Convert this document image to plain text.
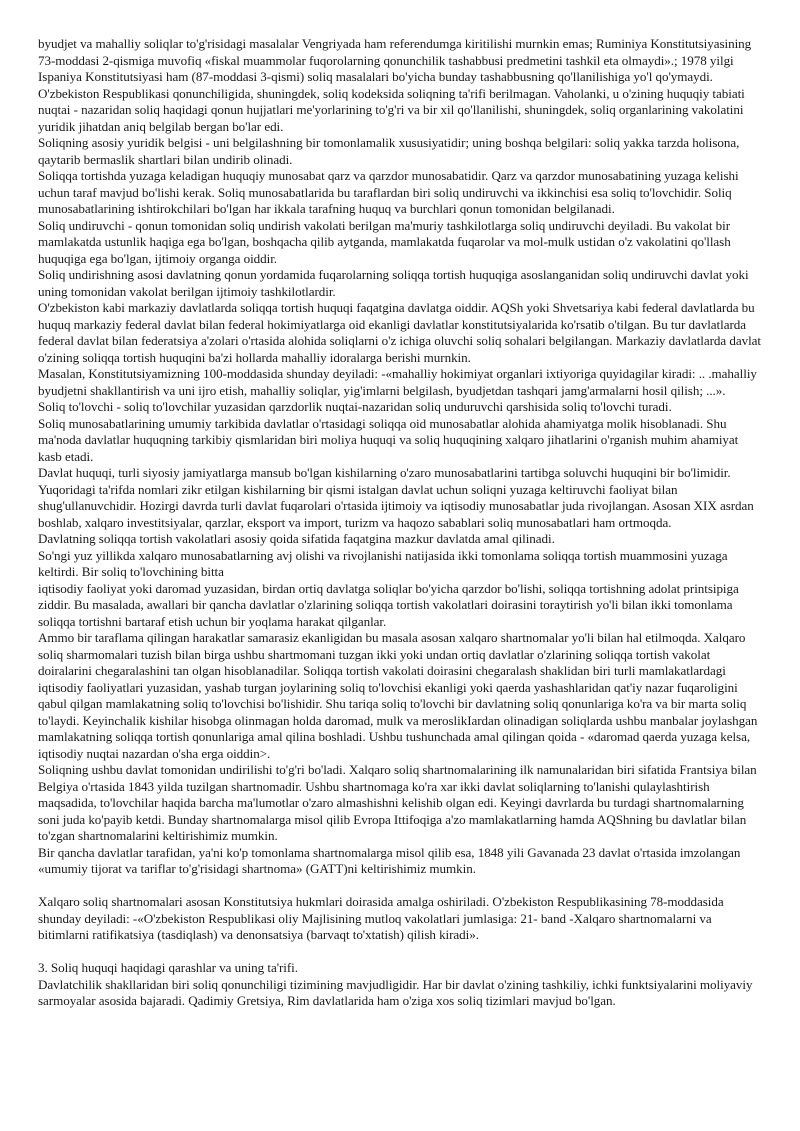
byudjet va mahalliy soliqlar to'g'risidagi masalalar Vengriyada ham referendumga kiritilishi murnkin emas; Ruminiya Konstitutsiyasining 73-moddasi 2-qismiga muvofiq «fiskal muammolar fuqorolarning qonunchilik tashabbusi predmetini tashkil eta olmaydi».; 1978 yilgi Ispaniya Konstitutsiyasi ham (87-moddasi 3-qismi) soliq masalalari bo'yicha bunday tashabbusning qo'llanilishiga yo'l qo'ymaydi.

O'zbekiston Respublikasi qonunchiligida, shuningdek, soliq kodeksida soliqning ta'rifi berilmagan. Vaholanki, u o'zining huquqiy tabiati nuqtai - nazaridan soliq haqidagi qonun hujjatlari me'yorlarining to'g'ri va bir xil qo'llanilishi, shuningdek, soliq organlarining vakolatini yuridik jihatdan aniq belgilab bergan bo'lar edi.

Soliqning asosiy yuridik belgisi - uni belgilashning bir tomonlamalik xususiyatidir; uning boshqa belgilari: soliq yakka tarzda holisona, qaytarib bermaslik shartlari bilan undirib olinadi.

Soliqqa tortishda yuzaga keladigan huquqiy munosabat qarz va qarzdor munosabatidir. Qarz va qarzdor munosabatining yuzaga kelishi uchun taraf mavjud bo'lishi kerak. Soliq munosabatlarida bu taraflardan biri soliq undiruvchi va ikkinchisi esa soliq to'lovchidir. Soliq munosabatlarining ishtirokchilari bo'lgan har ikkala tarafning huquq va burchlari qonun tomonidan belgilanadi.

Soliq undiruvchi - qonun tomonidan soliq undirish vakolati berilgan ma'muriy tashkilotlarga soliq undiruvchi deyiladi. Bu vakolat bir mamlakatda ustunlik haqiga ega bo'lgan, boshqacha qilib aytganda, mamlakatda fuqarolar va mol-mulk ustidan o'z vakolatini qo'llash huquqiga ega bo'lgan, ijtimoiy organga oiddir.

Soliq undirishning asosi davlatning qonun yordamida fuqarolarning soliqqa tortish huquqiga asoslanganidan soliq undiruvchi davlat yoki uning tomonidan vakolat berilgan ijtimoiy tashkilotlardir.

O'zbekiston kabi markaziy davlatlarda soliqqa tortish huquqi faqatgina davlatga oiddir. AQSh yoki Shvetsariya kabi federal davlatlarda bu huquq markaziy federal davlat bilan federal hokimiyatlarga oid ekanligi davlatlar konstitutsiyalarida ko'rsatib o'tilgan. Bu tur davlatlarda federal davlat bilan federatsiya a'zolari o'rtasida alohida soliqlarni o'z ichiga oluvchi soliq sohalari belgilangan. Markaziy davlatlarda davlat o'zining soliqqa tortish huquqini ba'zi hollarda mahalliy idoralarga berishi murnkin.

Masalan, Konstitutsiyamizning 100-moddasida shunday deyiladi: -«mahalliy hokimiyat organlari ixtiyoriga quyidagilar kiradi: .. .mahalliy byudjetni shakllantirish va uni ijro etish, mahalliy soliqlar, yig'imlarni belgilash, byudjetdan tashqari jamg'armalarni hosil qilish; ...».

Soliq to'lovchi - soliq to'lovchilar yuzasidan qarzdorlik nuqtai-nazaridan soliq unduruvchi qarshisida soliq to'lovchi turadi.

Soliq munosabatlarining umumiy tarkibida davlatlar o'rtasidagi soliqqa oid munosabatlar alohida ahamiyatga molik hisoblanadi. Shu ma'noda davlatlar huquqning tarkibiy qismlaridan biri moliya huquqi va soliq huquqining xalqaro jihatlarini o'rganish muhim ahamiyat kasb etadi.

Davlat huquqi, turli siyosiy jamiyatlarga mansub bo'lgan kishilarning o'zaro munosabatlarini tartibga soluvchi huquqini bir bo'limidir. Yuqoridagi ta'rifda nomlari zikr etilgan kishilarning bir qismi istalgan davlat uchun soliqni yuzaga keltiruvchi faoliyat bilan shug'ullanuvchidir. Hozirgi davrda turli davlat fuqarolari o'rtasida ijtimoiy va iqtisodiy munosabatlar juda rivojlangan. Asosan XIX asrdan boshlab, xalqaro investitsiyalar, qarzlar, eksport va import, turizm va haqozo sabablari soliq munosabatlari ham ortmoqda.

Davlatning soliqqa tortish vakolatlari asosiy qoida sifatida faqatgina mazkur davlatda amal qilinadi.

So'ngi yuz yillikda xalqaro munosabatlarning avj olishi va rivojlanishi natijasida ikki tomonlama soliqqa tortish muammosini yuzaga keltirdi. Bir soliq to'lovchining bitta

iqtisodiy faoliyat yoki daromad yuzasidan, birdan ortiq davlatga soliqlar bo'yicha qarzdor bo'lishi, soliqqa tortishning adolat printsipiga ziddir. Bu masalada, awallari bir qancha davlatlar o'zlarining soliqqa tortish vakolatlari doirasini toraytirish yo'li bilan ikki tomonlama soliqqa tortishni bartaraf etish uchun bir yoqlama harakat qilganlar.

Ammo bir taraflama qilingan harakatlar samarasiz ekanligidan bu masala asosan xalqaro shartnomalar yo'li bilan hal etilmoqda. Xalqaro soliq sharmomalari tuzish bilan birga ushbu shartmomani tuzgan ikki yoki undan ortiq davlatlar o'zlarining soliqqa tortish vakolat doiralarini chegaralashini tan olgan hisoblanadilar. Soliqqa tortish vakolati doirasini chegaralash shaklidan biri turli mamlakatlardagi iqtisodiy faoliyatlari yuzasidan, yashab turgan joylarining soliq to'lovchisi ekanligi yoki qaerda yashashlaridan qat'iy nazar fuqaroligini qabul qilgan mamlakatning soliq to'lovchisi bo'lishidir. Shu tariqa soliq to'lovchi bir davlatning soliq qonunlariga ko'ra va bir marta soliq to'laydi. Keyinchalik kishilar hisobga olinmagan holda daromad, mulk va meroslikIardan olinadigan soliqlarda ushbu manbalar joylashgan mamlakatning soliqqa tortish qonunlariga amal qilina boshladi. Ushbu tushunchada amal qilingan qoida - «daromad qaerda yuzaga kelsa, iqtisodiy nuqtai nazardan o'sha erga oiddin>.

Soliqning ushbu davlat tomonidan undirilishi to'g'ri bo'ladi. Xalqaro soliq shartnomalarining ilk namunalaridan biri sifatida Frantsiya bilan Belgiya o'rtasida 1843 yilda tuzilgan shartnomadir. Ushbu shartnomaga ko'ra xar ikki davlat soliqlarning to'lanishi qulaylashtirish maqsadida, to'lovchilar haqida barcha ma'lumotlar o'zaro almashishni kelishib olgan edi. Keyingi davrlarda bu turdagi shartnomalarning soni juda ko'payib ketdi. Bunday shartnomalarga misol qilib Evropa Ittifoqiga a'zo mamlakatlarning hamda AQShning bu davlatlar bilan to'zgan shartnomalarini keltirishimiz mumkin.

Bir qancha davlatlar tarafidan, ya'ni ko'p tomonlama shartnomalarga misol qilib esa, 1848 yili Gavanada 23 davlat o'rtasida imzolangan «umumiy tijorat va tariflar to'g'risidagi shartnoma» (GATT)ni keltirishimiz mumkin.

Xalqaro soliq shartnomalari asosan Konstitutsiya hukmlari doirasida amalga oshiriladi. O'zbekiston Respublikasining 78-moddasida shunday deyiladi: -«O'zbekiston Respublikasi oliy Majlisining mutloq vakolatlari jumlasiga: 21- band -Xalqaro shartnomalarni va bitimlarni ratifikatsiya (tasdiqlash) va denonsatsiya (barvaqt to'xtatish) qilish kiradi».

3. Soliq huquqi haqidagi qarashlar va uning ta'rifi.

Davlatchilik shakllaridan biri soliq qonunchiligi tizimining mavjudligidir. Har bir davlat o'zining tashkiliy, ichki funktsiyalarini moliyaviy sarmoyalar asosida bajaradi. Qadimiy Gretsiya, Rim davlatlarida ham o'ziga xos soliq tizimlari mavjud bo'lgan.
